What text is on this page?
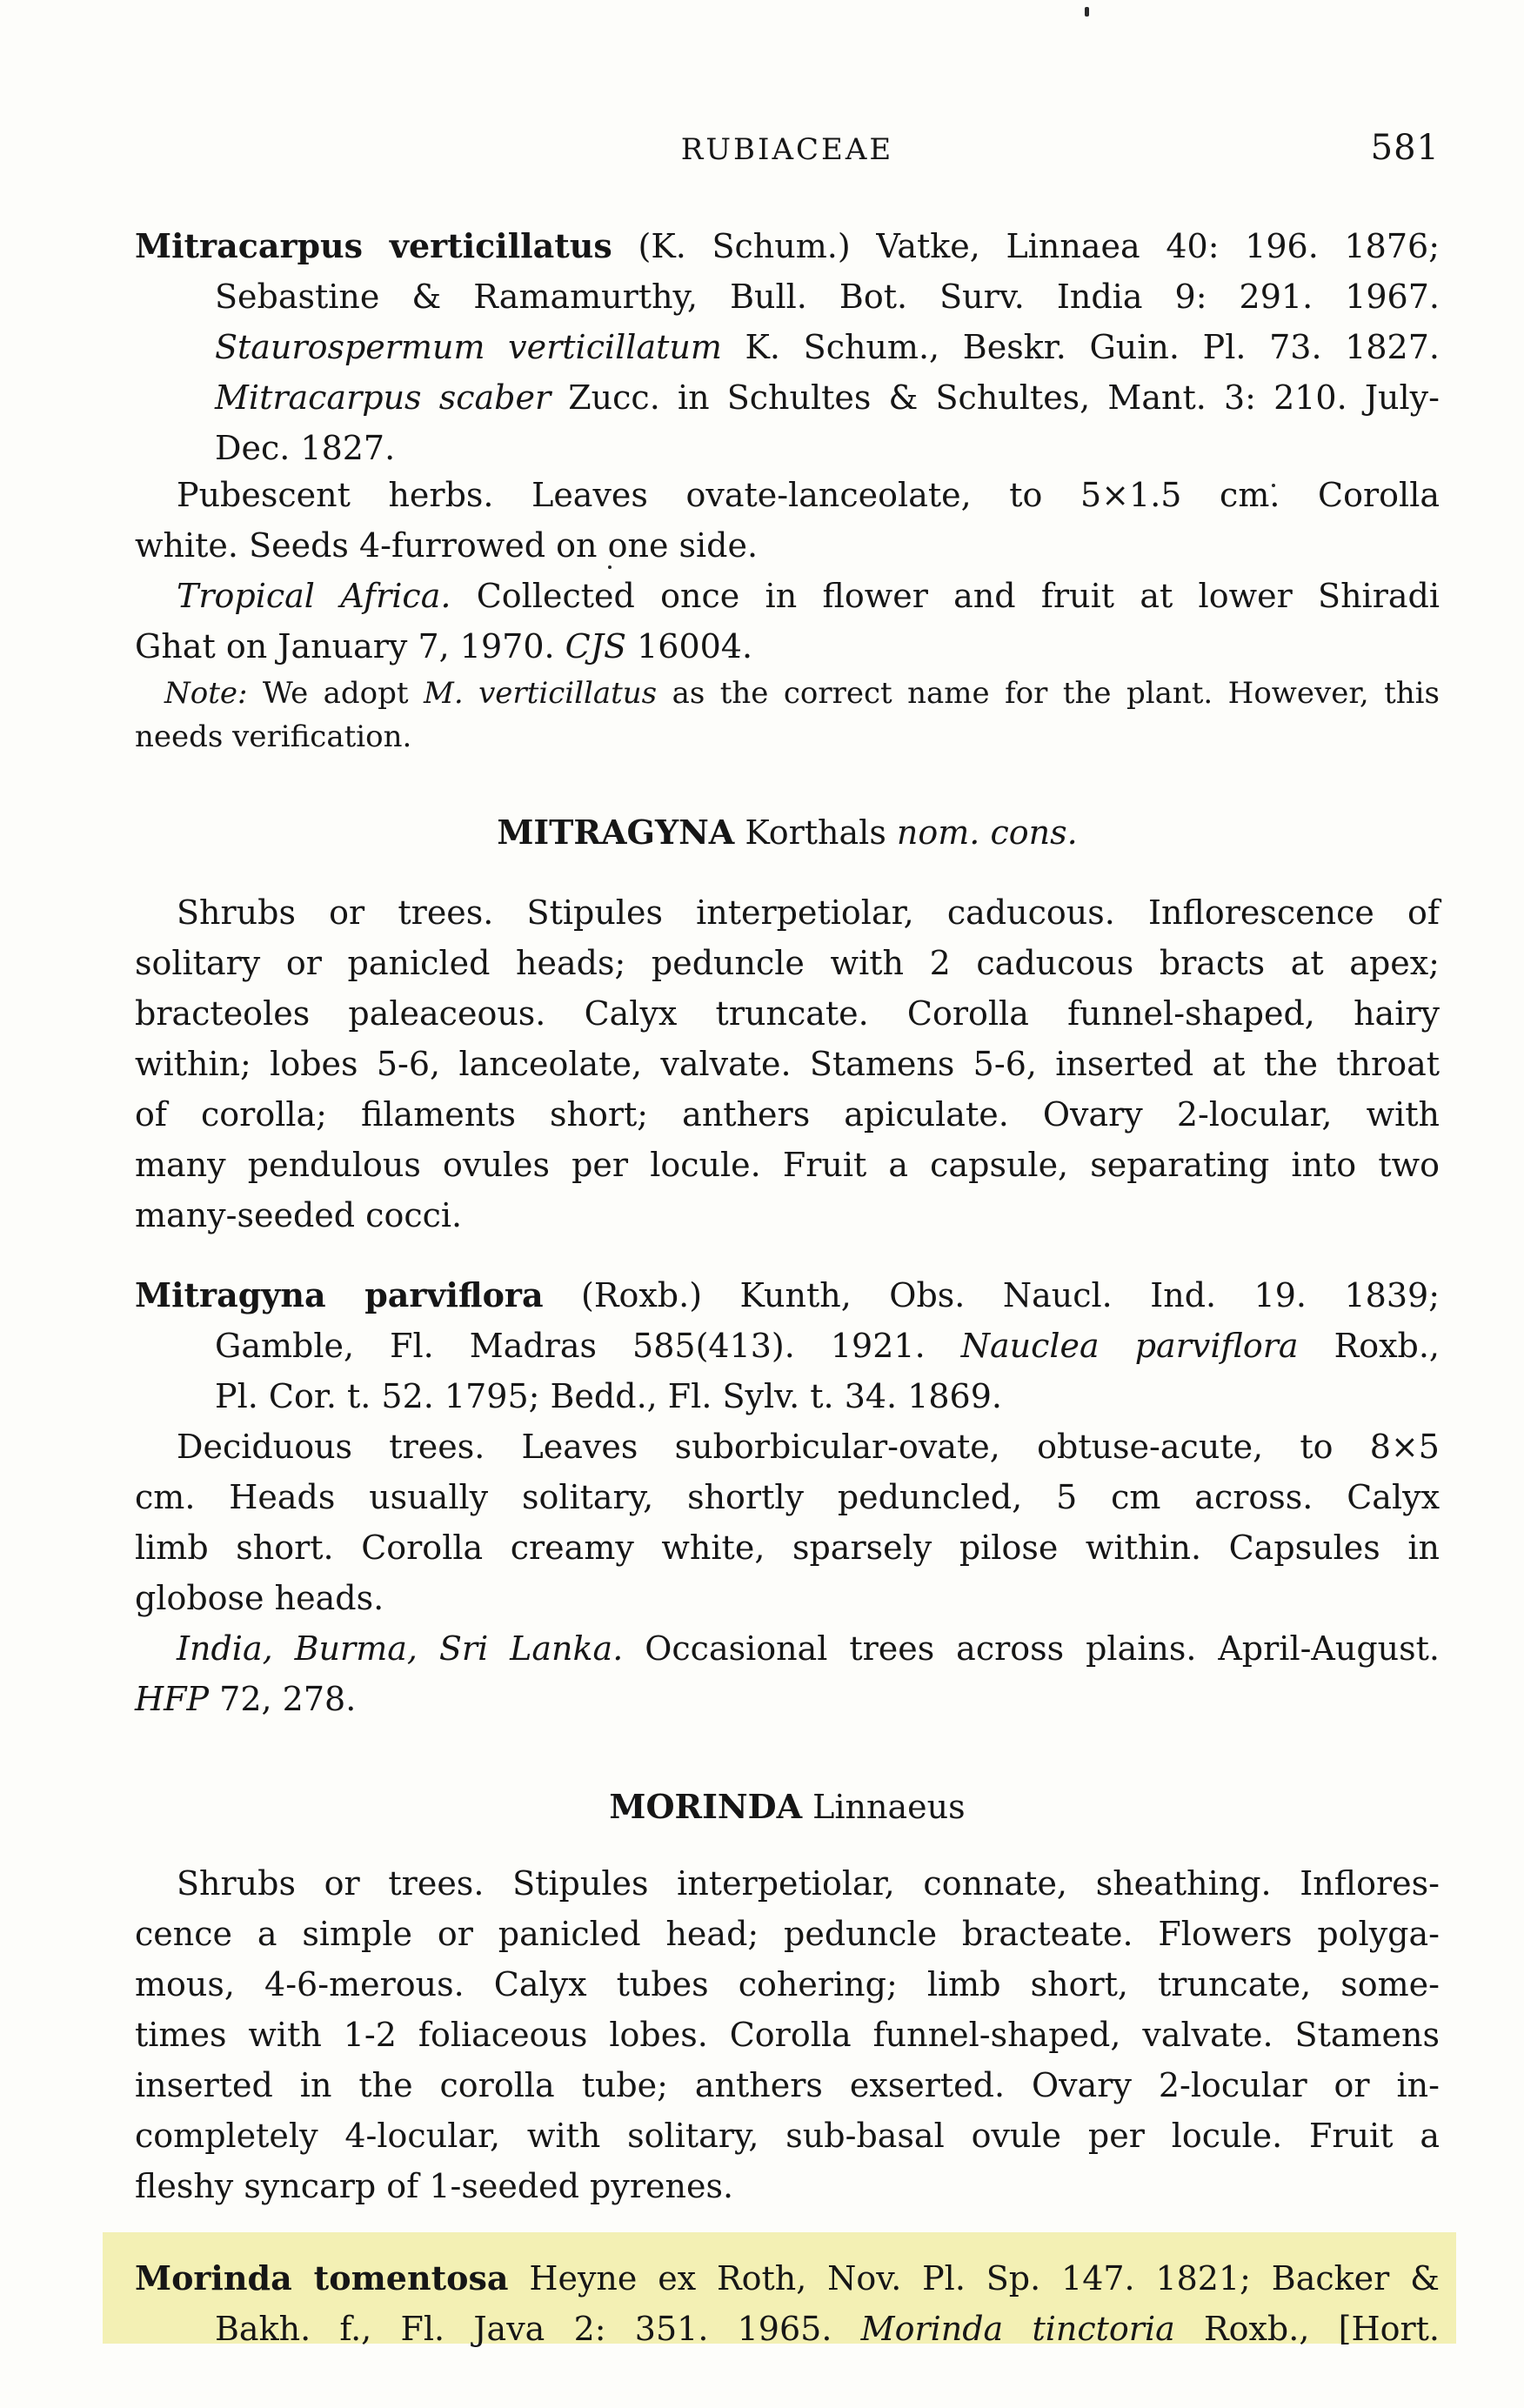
RUBIACEAE	581
Mitracarpus verticillatus (K. Schum.) Vatke, Linnaea 40: 196. 1876;
Sebastine & Ramamurthy, Bull. Bot. Surv. India 9: 291. 1967.
Staurospermum verticillatum K. Schum., Beskr. Guin. Pl. 73. 1827.
Mitracarpus scaber Zucc. in Schultes & Schultes, Mant. 3: 210. July-
Dec. 1827.
Pubescent herbs. Leaves ovate-lanceolate, to 5×1.5 cm. Corolla
white. Seeds 4-furrowed on one side.
Tropical Africa. Collected once in flower and fruit at lower Shiradi
Ghat on January 7, 1970. CJS 16004.
Note: We adopt M. verticillatus as the correct name for the plant. However, this
needs verification.
MITRAGYNA Korthals nom. cons.
Shrubs or trees. Stipules interpetiolar, caducous. Inflorescence of
solitary or panicled heads; peduncle with 2 caducous bracts at apex;
bracteoles paleaceous. Calyx truncate. Corolla funnel-shaped, hairy
within; lobes 5-6, lanceolate, valvate. Stamens 5-6, inserted at the throat
of corolla; filaments short; anthers apiculate. Ovary 2-locular, with
many pendulous ovules per locule. Fruit a capsule, separating into two
many-seeded cocci.
Mitragyna parviflora (Roxb.) Kunth, Obs. Naucl. Ind. 19. 1839;
Gamble, Fl. Madras 585(413). 1921. Nauclea parviflora Roxb.,
Pl. Cor. t. 52. 1795; Bedd., Fl. Sylv. t. 34. 1869.
Deciduous trees. Leaves suborbicular-ovate, obtuse-acute, to 8×5
cm. Heads usually solitary, shortly peduncled, 5 cm across. Calyx
limb short. Corolla creamy white, sparsely pilose within. Capsules in
globose heads.
India, Burma, Sri Lanka. Occasional trees across plains. April-August.
HFP 72, 278.
MORINDA Linnaeus
Shrubs or trees. Stipules interpetiolar, connate, sheathing. Inflores-
cence a simple or panicled head; peduncle bracteate. Flowers polyga-
mous, 4-6-merous. Calyx tubes cohering; limb short, truncate, some-
times with 1-2 foliaceous lobes. Corolla funnel-shaped, valvate. Stamens
inserted in the corolla tube; anthers exserted. Ovary 2-locular or in-
completely 4-locular, with solitary, sub-basal ovule per locule. Fruit a
fleshy syncarp of 1-seeded pyrenes.
Morinda tomentosa Heyne ex Roth, Nov. Pl. Sp. 147. 1821; Backer &
Bakh. f., Fl. Java 2: 351. 1965. Morinda tinctoria Roxb., [Hort.
